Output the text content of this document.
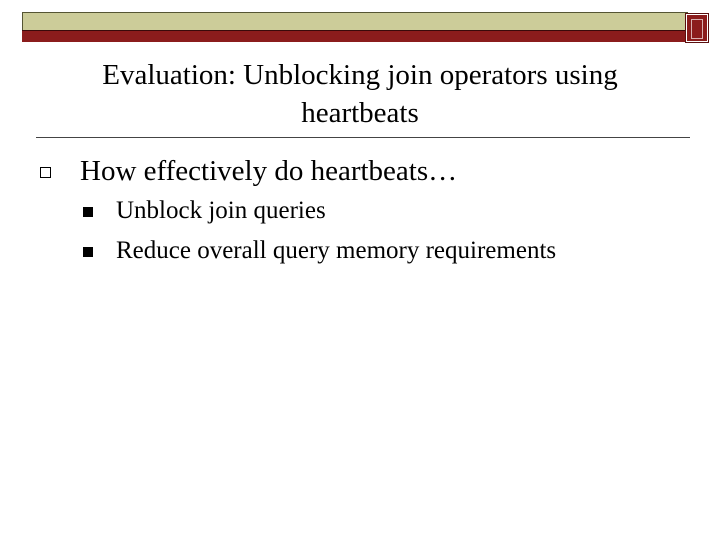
Evaluation: Unblocking join operators using
heartbeats
How effectively do heartbeats…
Unblock join queries
Reduce overall query memory requirements
